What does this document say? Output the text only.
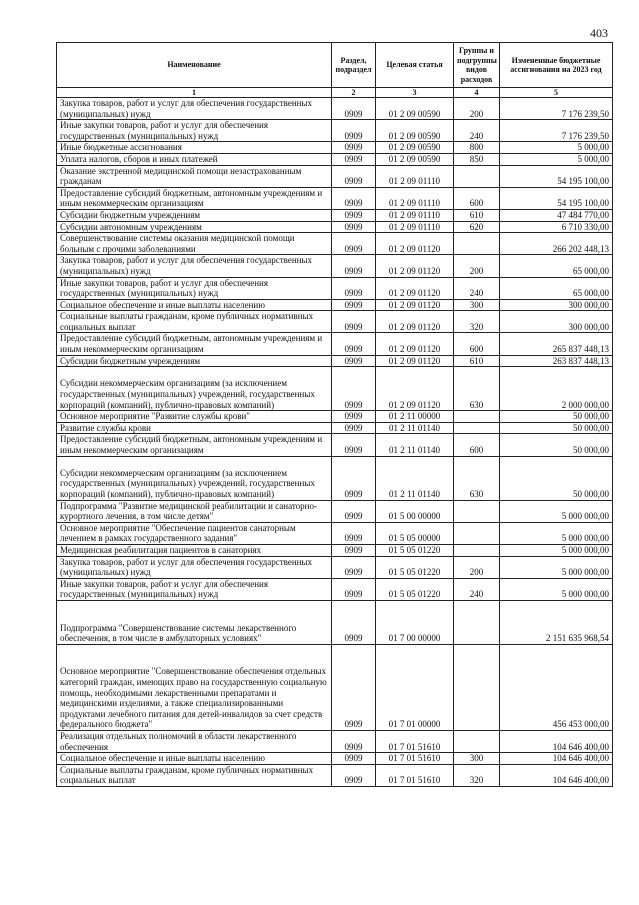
403
Наименование	Раздел, подраздел	Целевая статья	Группы и подгруппы видов расходов	Измененные бюджетные ассигнования на 2023 год
1	2	3	4	5
Закупка товаров, работ и услуг для обеспечения государственных (муниципальных) нужд	0909	01 2 09 00590	200	7 176 239,50
Иные закупки товаров, работ и услуг для обеспечения государственных (муниципальных) нужд	0909	01 2 09 00590	240	7 176 239,50
Иные бюджетные ассигнования	0909	01 2 09 00590	800	5 000,00
Уплата налогов, сборов и иных платежей	0909	01 2 09 00590	850	5 000,00
Оказание экстренной медицинской помощи незастрахованным гражданам	0909	01 2 09 01110		54 195 100,00
Предоставление субсидий бюджетным, автономным учреждениям и иным некоммерческим организациям	0909	01 2 09 01110	600	54 195 100,00
Субсидии бюджетным учреждениям	0909	01 2 09 01110	610	47 484 770,00
Субсидии автономным учреждениям	0909	01 2 09 01110	620	6 710 330,00
Совершенствование системы оказания медицинской помощи больным с прочими заболеваниями	0909	01 2 09 01120		266 202 448,13
Закупка товаров, работ и услуг для обеспечения государственных (муниципальных) нужд	0909	01 2 09 01120	200	65 000,00
Иные закупки товаров, работ и услуг для обеспечения государственных (муниципальных) нужд	0909	01 2 09 01120	240	65 000,00
Социальное обеспечение и иные выплаты населению	0909	01 2 09 01120	300	300 000,00
Социальные выплаты гражданам, кроме публичных нормативных социальных выплат	0909	01 2 09 01120	320	300 000,00
Предоставление субсидий бюджетным, автономным учреждениям и иным некоммерческим организациям	0909	01 2 09 01120	600	265 837 448,13
Субсидии бюджетным учреждениям	0909	01 2 09 01120	610	263 837 448,13
Субсидии некоммерческим организациям (за исключением государственных (муниципальных) учреждений, государственных корпораций (компаний), публично-правовых компаний)	0909	01 2 09 01120	630	2 000 000,00
Основное мероприятие "Развитие службы крови"	0909	01 2 11 00000		50 000,00
Развитие службы крови	0909	01 2 11 01140		50 000,00
Предоставление субсидий бюджетным, автономным учреждениям и иным некоммерческим организациям	0909	01 2 11 01140	600	50 000,00
Субсидии некоммерческим организациям (за исключением государственных (муниципальных) учреждений, государственных корпораций (компаний), публично-правовых компаний)	0909	01 2 11 01140	630	50 000,00
Подпрограмма "Развитие медицинской реабилитации и санаторно-курортного лечения, в том числе детям"	0909	01 5 00 00000		5 000 000,00
Основное мероприятие "Обеспечение пациентов санаторным лечением в рамках государственного задания"	0909	01 5 05 00000		5 000 000,00
Медицинская реабилитация пациентов в санаториях	0909	01 5 05 01220		5 000 000,00
Закупка товаров, работ и услуг для обеспечения государственных (муниципальных) нужд	0909	01 5 05 01220	200	5 000 000,00
Иные закупки товаров, работ и услуг для обеспечения государственных (муниципальных) нужд	0909	01 5 05 01220	240	5 000 000,00
Подпрограмма "Совершенствование системы лекарственного обеспечения, в том числе в амбулаторных условиях"	0909	01 7 00 00000		2 151 635 968,54
Основное мероприятие "Совершенствование обеспечения отдельных категорий граждан, имеющих право на государственную социальную помощь, необходимыми лекарственными препаратами и медицинскими изделиями, а также специализированными продуктами лечебного питания для детей-инвалидов за счет средств федерального бюджета"	0909	01 7 01 00000		456 453 000,00
Реализация отдельных полномочий в области лекарственного обеспечения	0909	01 7 01 51610		104 646 400,00
Социальное обеспечение и иные выплаты населению	0909	01 7 01 51610	300	104 646 400,00
Социальные выплаты гражданам, кроме публичных нормативных социальных выплат	0909	01 7 01 51610	320	104 646 400,00
